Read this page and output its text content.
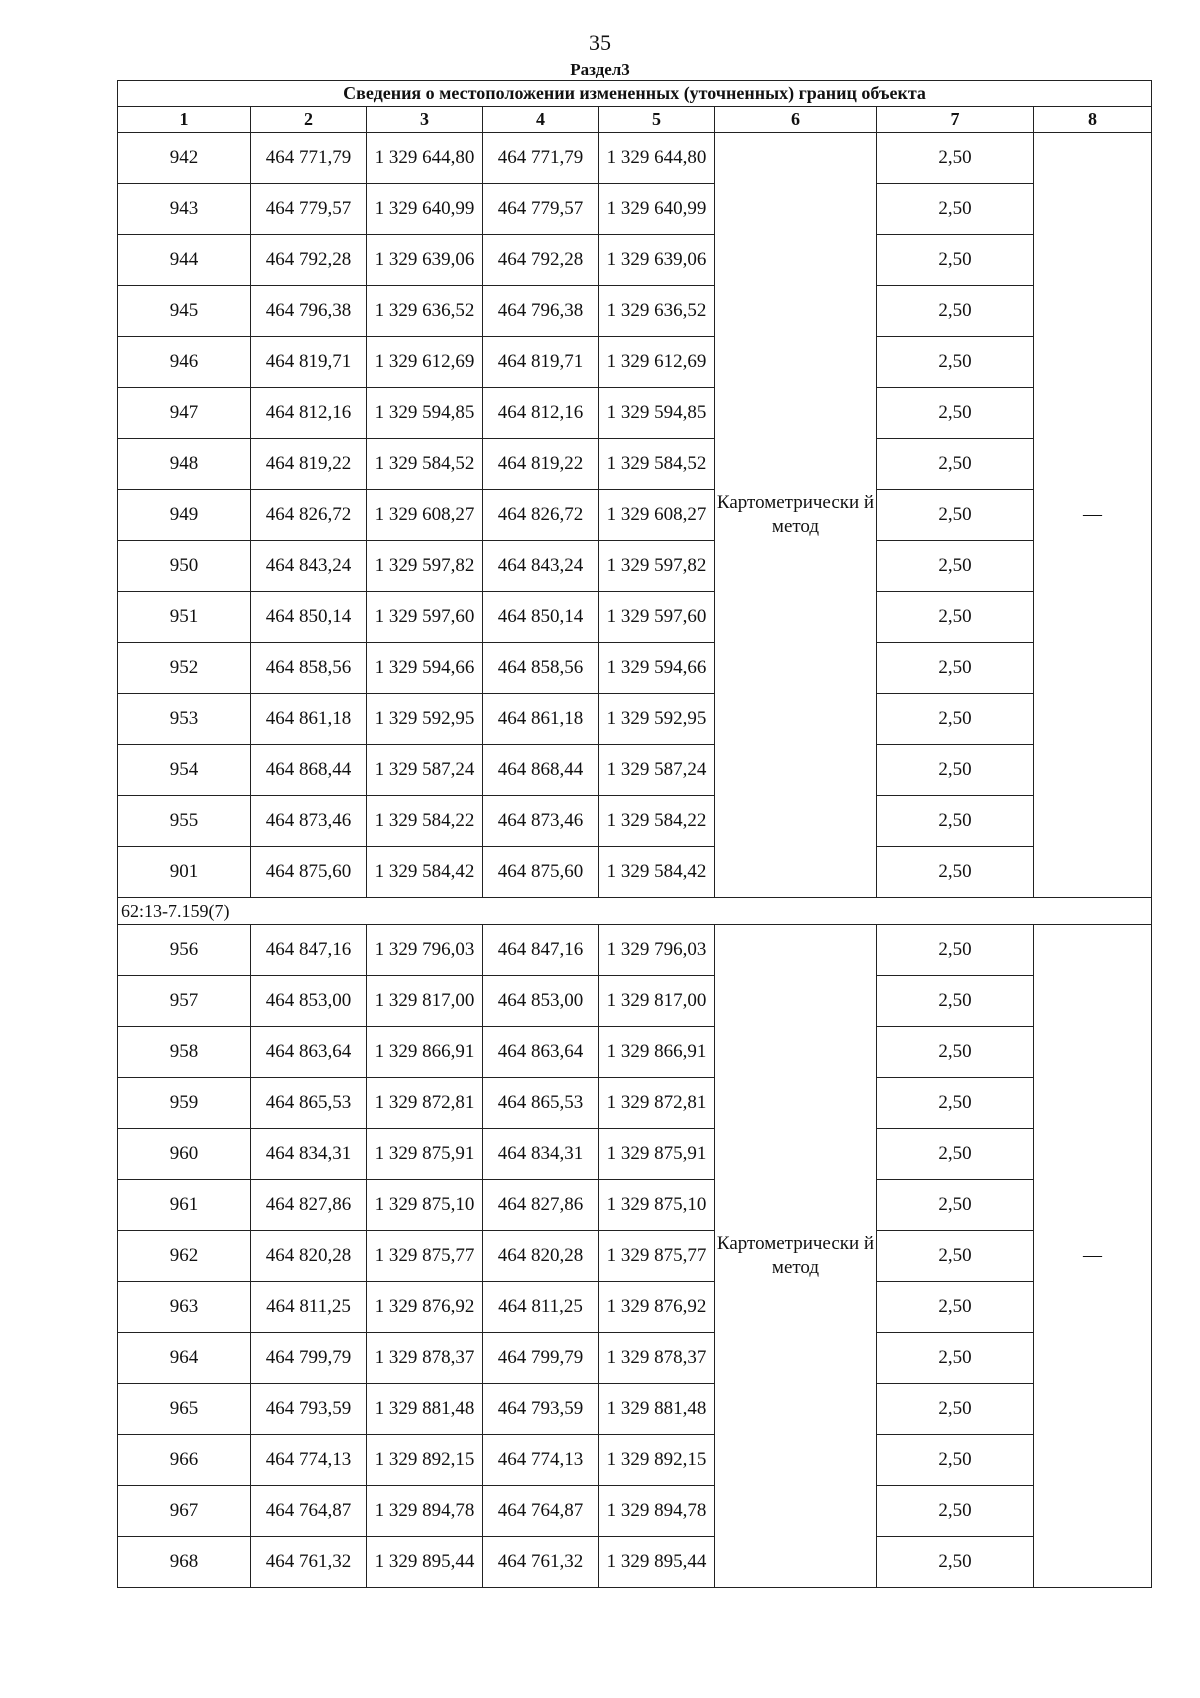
35
Раздел3
Сведения о местоположении измененных (уточненных) границ объекта							
1	2	3	4	5	6	7	8
942	464 771,79	1 329 644,80	464 771,79	1 329 644,80	Картометрически й метод	2,50	—
943	464 779,57	1 329 640,99	464 779,57	1 329 640,99		2,50	
944	464 792,28	1 329 639,06	464 792,28	1 329 639,06		2,50	
945	464 796,38	1 329 636,52	464 796,38	1 329 636,52		2,50	
946	464 819,71	1 329 612,69	464 819,71	1 329 612,69		2,50	
947	464 812,16	1 329 594,85	464 812,16	1 329 594,85		2,50	
948	464 819,22	1 329 584,52	464 819,22	1 329 584,52		2,50	
949	464 826,72	1 329 608,27	464 826,72	1 329 608,27		2,50	
950	464 843,24	1 329 597,82	464 843,24	1 329 597,82		2,50	
951	464 850,14	1 329 597,60	464 850,14	1 329 597,60		2,50	
952	464 858,56	1 329 594,66	464 858,56	1 329 594,66		2,50	
953	464 861,18	1 329 592,95	464 861,18	1 329 592,95		2,50	
954	464 868,44	1 329 587,24	464 868,44	1 329 587,24		2,50	
955	464 873,46	1 329 584,22	464 873,46	1 329 584,22		2,50	
901	464 875,60	1 329 584,42	464 875,60	1 329 584,42		2,50	
62:13-7.159(7)							
956	464 847,16	1 329 796,03	464 847,16	1 329 796,03	Картометрически й метод	2,50	—
957	464 853,00	1 329 817,00	464 853,00	1 329 817,00		2,50	
958	464 863,64	1 329 866,91	464 863,64	1 329 866,91		2,50	
959	464 865,53	1 329 872,81	464 865,53	1 329 872,81		2,50	
960	464 834,31	1 329 875,91	464 834,31	1 329 875,91		2,50	
961	464 827,86	1 329 875,10	464 827,86	1 329 875,10		2,50	
962	464 820,28	1 329 875,77	464 820,28	1 329 875,77		2,50	
963	464 811,25	1 329 876,92	464 811,25	1 329 876,92		2,50	
964	464 799,79	1 329 878,37	464 799,79	1 329 878,37		2,50	
965	464 793,59	1 329 881,48	464 793,59	1 329 881,48		2,50	
966	464 774,13	1 329 892,15	464 774,13	1 329 892,15		2,50	
967	464 764,87	1 329 894,78	464 764,87	1 329 894,78		2,50	
968	464 761,32	1 329 895,44	464 761,32	1 329 895,44		2,50	
